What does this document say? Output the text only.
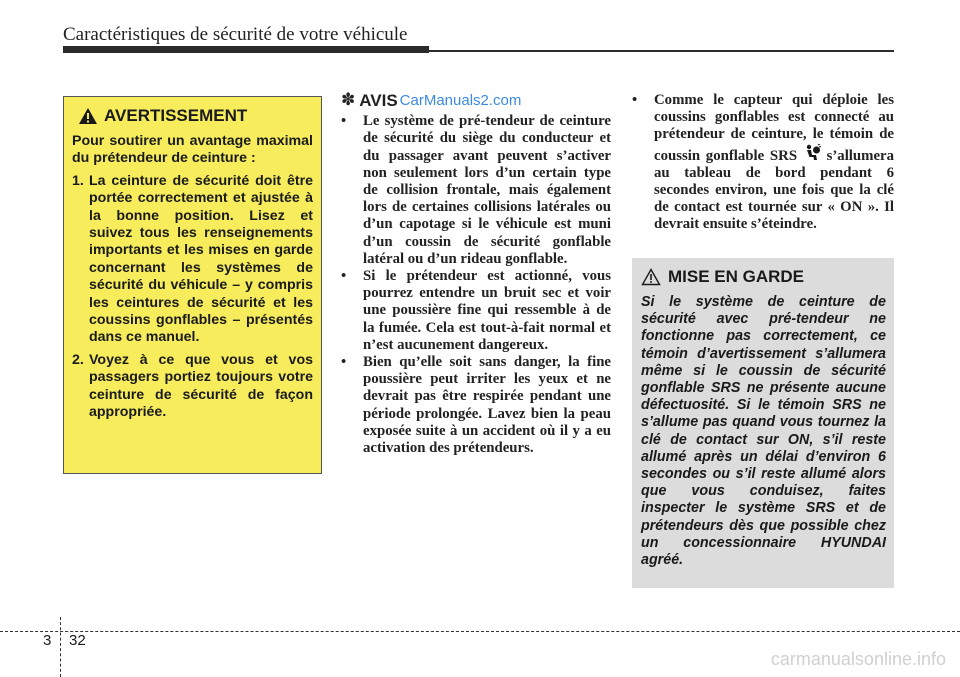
Caractéristiques de sécurité de votre véhicule
AVERTISSEMENT

Pour soutirer un avantage maximal du prétendeur de ceinture :

1. La ceinture de sécurité doit être portée correctement et ajustée à la bonne position. Lisez et suivez tous les renseignements importants et les mises en garde concernant les systèmes de sécurité du véhicule – y compris les ceintures de sécurité et les coussins gonflables – présentés dans ce manuel.
2. Voyez à ce que vous et vos passagers portiez toujours votre ceinture de sécurité de façon appropriée.
✽ AVIS CarManuals2.com
•	Le système de pré-tendeur de ceinture de sécurité du siège du conducteur et du passager avant peuvent s’activer non seulement lors d’un certain type de collision frontale, mais également lors de certaines collisions latérales ou d’un capotage si le véhicule est muni d’un coussin de sécurité gonflable latéral ou d’un rideau gonflable.
•	Si le prétendeur est actionné, vous pourrez entendre un bruit sec et voir une poussière fine qui ressemble à de la fumée. Cela est tout-à-fait normal et n’est aucunement dangereux.
•	Bien qu’elle soit sans danger, la fine poussière peut irriter les yeux et ne devrait pas être respirée pendant une période prolongée. Lavez bien la peau exposée suite à un accident où il y a eu activation des prétendeurs.
•	Comme le capteur qui déploie les coussins gonflables est connecté au prétendeur de ceinture, le témoin de coussin gonflable SRS s’allumera au tableau de bord pendant 6 secondes environ, une fois que la clé de contact est tournée sur « ON ». Il devrait ensuite s’éteindre.
MISE EN GARDE
Si le système de ceinture de sécurité avec pré-tendeur ne fonctionne pas correctement, ce témoin d’avertissement s’allumera même si le coussin de sécurité gonflable SRS ne présente aucune défectuosité. Si le témoin SRS ne s’allume pas quand vous tournez la clé de contact sur ON, s’il reste allumé après un délai d’environ 6 secondes ou s’il reste allumé alors que vous conduisez, faites inspecter le système SRS et de prétendeurs dès que possible chez un concessionnaire HYUNDAI agréé.
3 32
carmanualsonline.info
